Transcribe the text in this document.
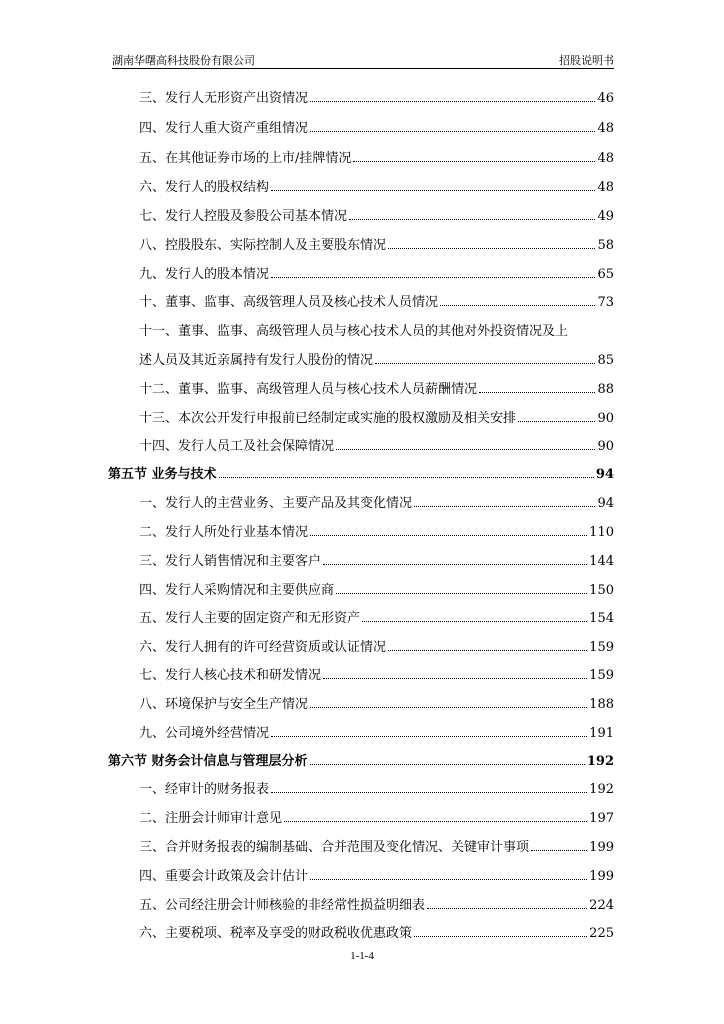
湖南华曙高科技股份有限公司	招股说明书
三、发行人无形资产出资情况	46
四、发行人重大资产重组情况	48
五、在其他证券市场的上市/挂牌情况	48
六、发行人的股权结构	48
七、发行人控股及参股公司基本情况	49
八、控股股东、实际控制人及主要股东情况	58
九、发行人的股本情况	65
十、董事、监事、高级管理人员及核心技术人员情况	73
十一、董事、监事、高级管理人员与核心技术人员的其他对外投资情况及上
述人员及其近亲属持有发行人股份的情况	85
十二、董事、监事、高级管理人员与核心技术人员薪酬情况	88
十三、本次公开发行申报前已经制定或实施的股权激励及相关安排	90
十四、发行人员工及社会保障情况	90
第五节 业务与技术	94
一、发行人的主营业务、主要产品及其变化情况	94
二、发行人所处行业基本情况	110
三、发行人销售情况和主要客户	144
四、发行人采购情况和主要供应商	150
五、发行人主要的固定资产和无形资产	154
六、发行人拥有的许可经营资质或认证情况	159
七、发行人核心技术和研发情况	159
八、环境保护与安全生产情况	188
九、公司境外经营情况	191
第六节 财务会计信息与管理层分析	192
一、经审计的财务报表	192
二、注册会计师审计意见	197
三、合并财务报表的编制基础、合并范围及变化情况、关键审计事项	199
四、重要会计政策及会计估计	199
五、公司经注册会计师核验的非经常性损益明细表	224
六、主要税项、税率及享受的财政税收优惠政策	225
1-1-4
